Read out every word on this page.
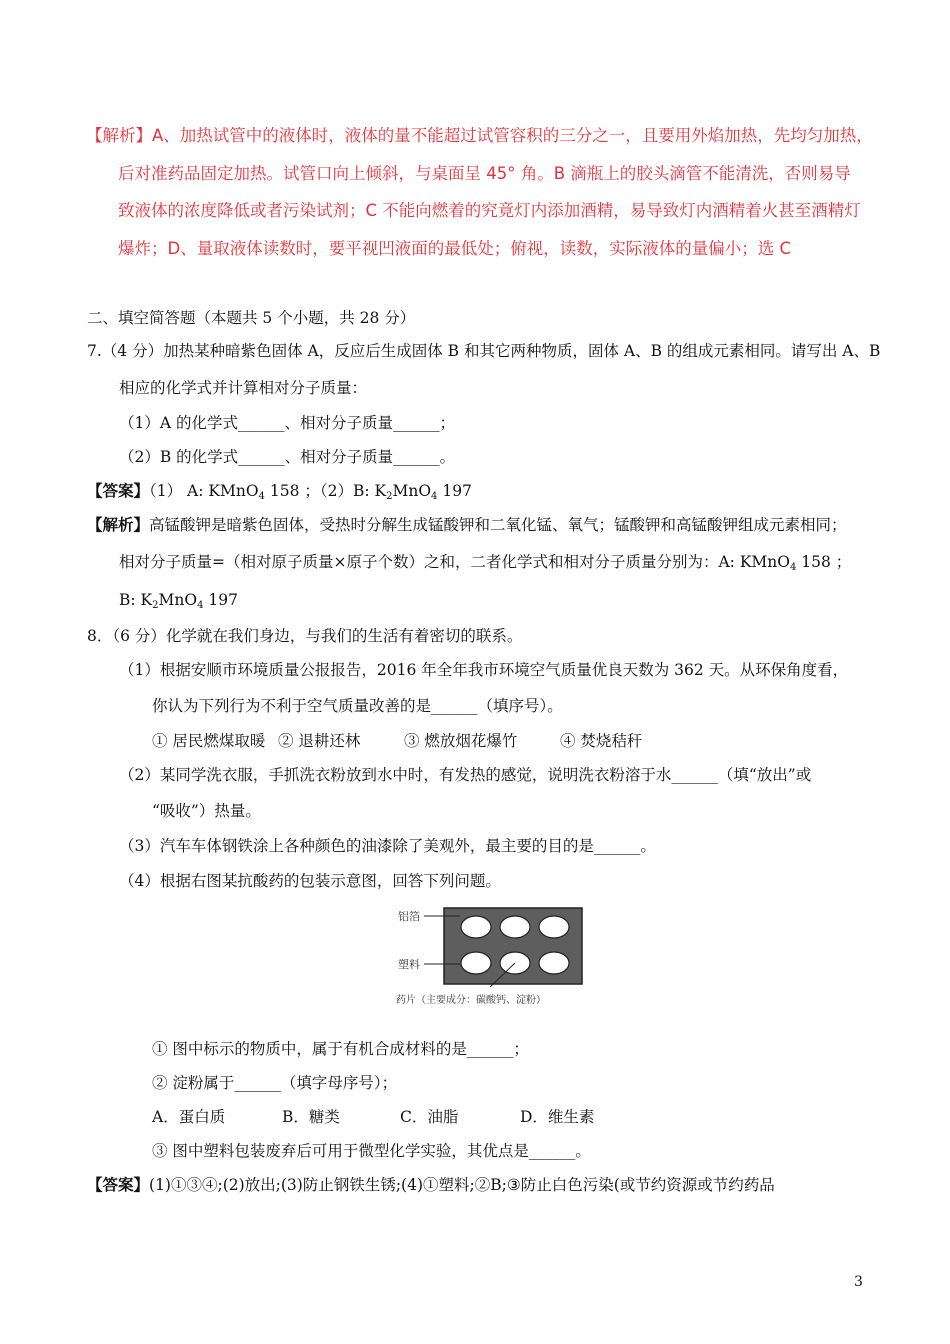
【解析】A、加热试管中的液体时，液体的量不能超过试管容积的三分之一，且要用外焰加热，先均匀加热，
后对准药品固定加热。试管口向上倾斜，与桌面呈 45° 角。B 滴瓶上的胶头滴管不能清洗，否则易导
致液体的浓度降低或者污染试剂；C 不能向燃着的究竟灯内添加酒精，易导致灯内酒精着火甚至酒精灯
爆炸；D、量取液体读数时，要平视凹液面的最低处；俯视，读数，实际液体的量偏小；选 C
二、填空简答题（本题共 5 个小题，共 28 分）
7.（4 分）加热某种暗紫色固体 A，反应后生成固体 B 和其它两种物质，固体 A、B 的组成元素相同。请写出 A、B
相应的化学式并计算相对分子质量：
（1）A 的化学式______、相对分子质量______；
（2）B 的化学式______、相对分子质量______。
【答案】（1） A: KMnO$_4$ 158 ；（2）B: $K_2MnO_4$ 197
【解析】高锰酸钾是暗紫色固体，受热时分解生成锰酸钾和二氧化锰、氧气；锰酸钾和高锰酸钾组成元素相同；
相对分子质量=（相对原子质量×原子个数）之和，二者化学式和相对分子质量分别为：A: KMnO$_4$ 158 ；
B: $K_2MnO_4$ 197
8．（6 分）化学就在我们身边，与我们的生活有着密切的联系。
（1）根据安顺市环境质量公报报告，2016 年全年我市环境空气质量优良天数为 362 天。从环保角度看，
你认为下列行为不利于空气质量改善的是______（填序号）。
① 居民燃煤取暖 ② 退耕还林	③ 燃放烟花爆竹	④ 焚烧秸秆
（2）某同学洗衣服，手抓洗衣粉放到水中时，有发热的感觉，说明洗衣粉溶于水______（填“放出”或
“吸收”）热量。
（3）汽车车体钢铁涂上各种颜色的油漆除了美观外，最主要的目的是______。
（4）根据右图某抗酸药的包装示意图，回答下列问题。
铝箔
塑料
药片（主要成分：碳酸钙、淀粉）
① 图中标示的物质中，属于有机合成材料的是______；
② 淀粉属于______（填字母序号）；
A．蛋白质	B．糖类	C．油脂	D．维生素
③ 图中塑料包装废弃后可用于微型化学实验，其优点是______。
【答案】(1)①③④;(2)放出;(3)防止钢铁生锈;(4)①塑料;②B;③防止白色污染(或节约资源或节约药品
3
